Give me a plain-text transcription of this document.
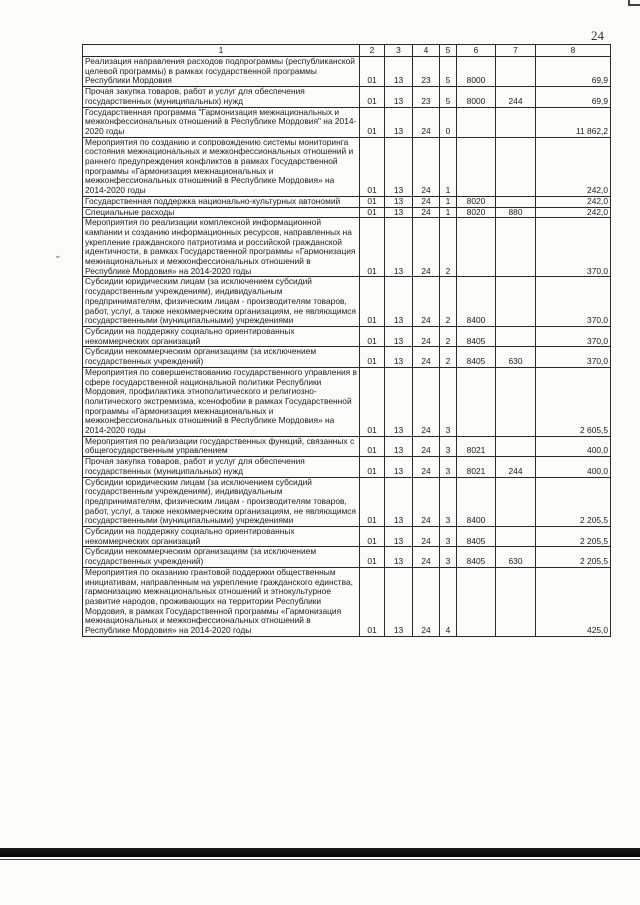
24
⌄
1	2	3	4	5	6	7	8
Реализация направления расходов подпрограммы (республиканской целевой программы) в рамках государственной программы Республики Мордовия	01	13	23	5	8000		69,9
Прочая закупка товаров, работ и услуг для обеспечения государственных (муниципальных) нужд	01	13	23	5	8000	244	69,9
Государственная программа "Гармонизация межнациональных и межконфессиональных отношений в Республике Мордовия" на 2014-2020 годы	01	13	24	0			11 862,2
Мероприятия по созданию и сопровождению системы мониторинга состояния межнациональных и межконфессиональных отношений и раннего предупреждения конфликтов в рамках Государственной программы «Гармонизация межнациональных и межконфессиональных отношений в Республике Мордовия» на 2014-2020 годы	01	13	24	1			242,0
Государственная поддержка национально-культурных автономий	01	13	24	1	8020		242,0
Специальные расходы	01	13	24	1	8020	880	242,0
Мероприятия по реализации комплексной информационной кампании и созданию информационных ресурсов, направленных на укрепление гражданского патриотизма и российской гражданской идентичности, в рамках Государственной программы «Гармонизация межнациональных и межконфессиональных отношений в Республике Мордовия» на 2014-2020 годы	01	13	24	2			370,0
Субсидии юридическим лицам (за исключением субсидий государственным учреждениям), индивидуальным предпринимателям, физическим лицам - производителям товаров, работ, услуг, а также некоммерческим организациям, не являющимся государственными (муниципальными) учреждениями	01	13	24	2	8400		370,0
Субсидии на поддержку социально ориентированных некоммерческих организаций	01	13	24	2	8405		370,0
Субсидии некоммерческим организациям (за исключением государственных учреждений)	01	13	24	2	8405	630	370,0
Мероприятия по совершенствованию государственного управления в сфере государственной национальной политики Республики Мордовия, профилактика этнополитического и религиозно-политического экстремизма, ксенофобии в рамках Государственной программы «Гармонизация межнациональных и межконфессиональных отношений в Республике Мордовия» на 2014-2020 годы	01	13	24	3			2 605,5
Мероприятия по реализации государственных функций, связанных с общегосударственным управлением	01	13	24	3	8021		400,0
Прочая закупка товаров, работ и услуг для обеспечения государственных (муниципальных) нужд	01	13	24	3	8021	244	400,0
Субсидии юридическим лицам (за исключением субсидий государственным учреждениям), индивидуальным предпринимателям, физическим лицам - производителям товаров, работ, услуг, а также некоммерческим организациям, не являющимся государственными (муниципальными) учреждениями	01	13	24	3	8400		2 205,5
Субсидии на поддержку социально ориентированных некоммерческих организаций	01	13	24	3	8405		2 205,5
Субсидии некоммерческим организациям (за исключением государственных учреждений)	01	13	24	3	8405	630	2 205,5
Мероприятия по оказанию грантовой поддержки общественным инициативам, направленным на укрепление гражданского единства, гармонизацию межнациональных отношений и этнокультурное развитие народов, проживающих на территории Республики Мордовия, в рамках Государственной программы «Гармонизация межнациональных и межконфессиональных отношений в Республике Мордовия» на 2014-2020 годы	01	13	24	4			425,0
